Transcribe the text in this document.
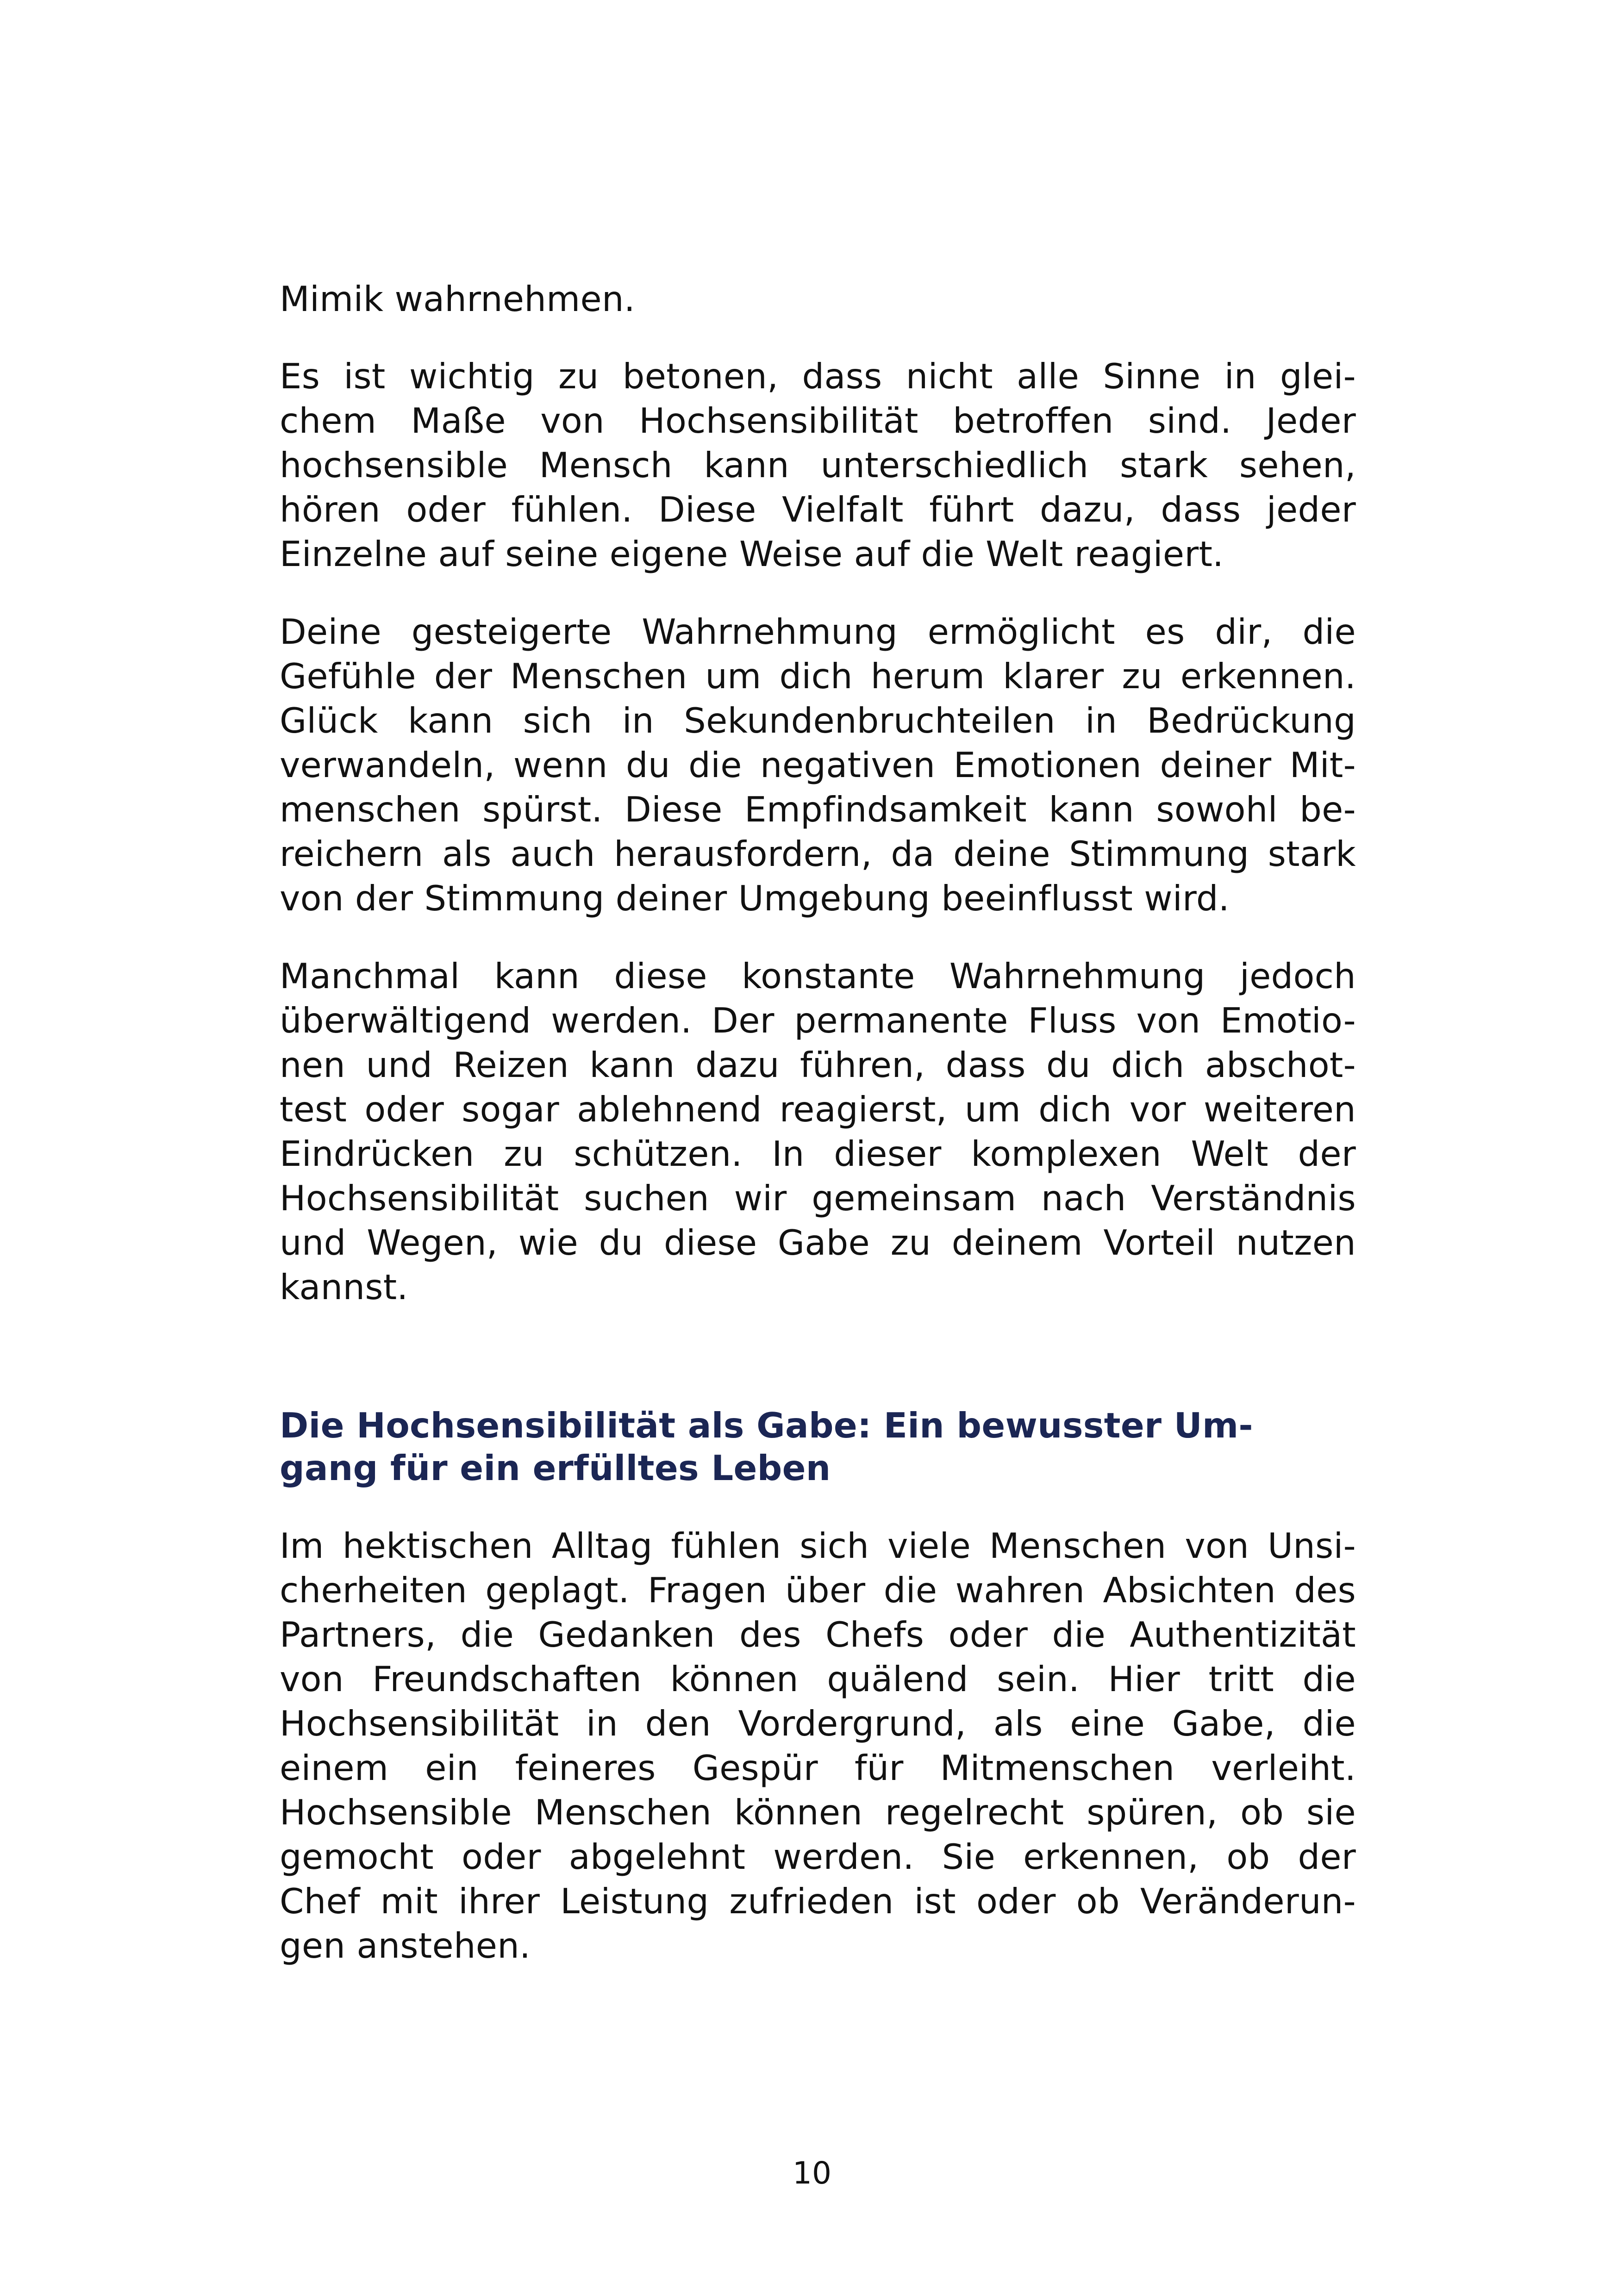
Mimik wahrnehmen.
Es ist wichtig zu betonen, dass nicht alle Sinne in glei-
chem Maße von Hochsensibilität betroffen sind. Jeder
hochsensible Mensch kann unterschiedlich stark sehen,
hören oder fühlen. Diese Vielfalt führt dazu, dass jeder
Einzelne auf seine eigene Weise auf die Welt reagiert.
Deine gesteigerte Wahrnehmung ermöglicht es dir, die
Gefühle der Menschen um dich herum klarer zu erkennen.
Glück kann sich in Sekundenbruchteilen in Bedrückung
verwandeln, wenn du die negativen Emotionen deiner Mit-
menschen spürst. Diese Empfindsamkeit kann sowohl be-
reichern als auch herausfordern, da deine Stimmung stark
von der Stimmung deiner Umgebung beeinflusst wird.
Manchmal kann diese konstante Wahrnehmung jedoch
überwältigend werden. Der permanente Fluss von Emotio-
nen und Reizen kann dazu führen, dass du dich abschot-
test oder sogar ablehnend reagierst, um dich vor weiteren
Eindrücken zu schützen. In dieser komplexen Welt der
Hochsensibilität suchen wir gemeinsam nach Verständnis
und Wegen, wie du diese Gabe zu deinem Vorteil nutzen
kannst.
Die Hochsensibilität als Gabe: Ein bewusster Um-
gang für ein erfülltes Leben
Im hektischen Alltag fühlen sich viele Menschen von Unsi-
cherheiten geplagt. Fragen über die wahren Absichten des
Partners, die Gedanken des Chefs oder die Authentizität
von Freundschaften können quälend sein. Hier tritt die
Hochsensibilität in den Vordergrund, als eine Gabe, die
einem ein feineres Gespür für Mitmenschen verleiht.
Hochsensible Menschen können regelrecht spüren, ob sie
gemocht oder abgelehnt werden. Sie erkennen, ob der
Chef mit ihrer Leistung zufrieden ist oder ob Veränderun-
gen anstehen.
10
